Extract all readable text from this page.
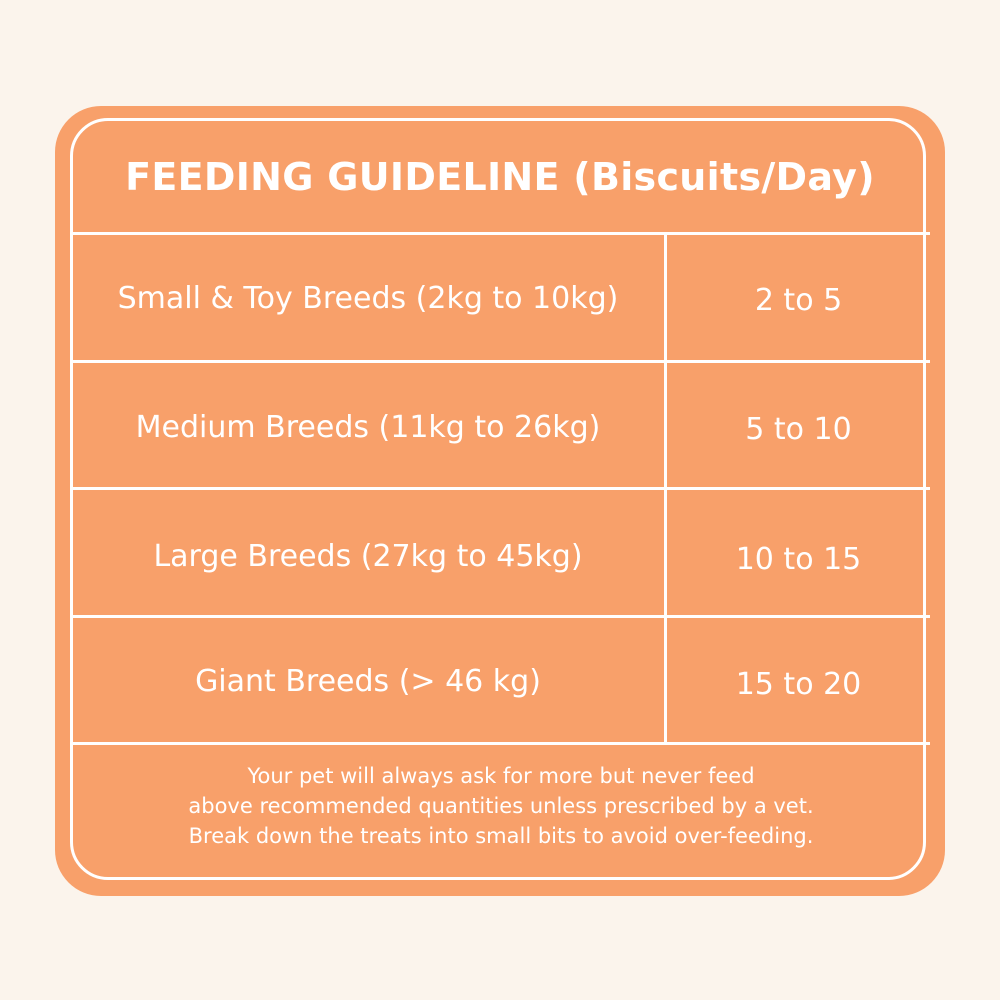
FEEDING GUIDELINE (Biscuits/Day)
Small & Toy Breeds (2kg to 10kg)	2 to 5
Medium Breeds (11kg to 26kg)	5 to 10
Large Breeds (27kg to 45kg)	10 to 15
Giant Breeds (> 46 kg)	15 to 20
Your pet will always ask for more but never feed
above recommended quantities unless prescribed by a vet.
Break down the treats into small bits to avoid over-feeding.
